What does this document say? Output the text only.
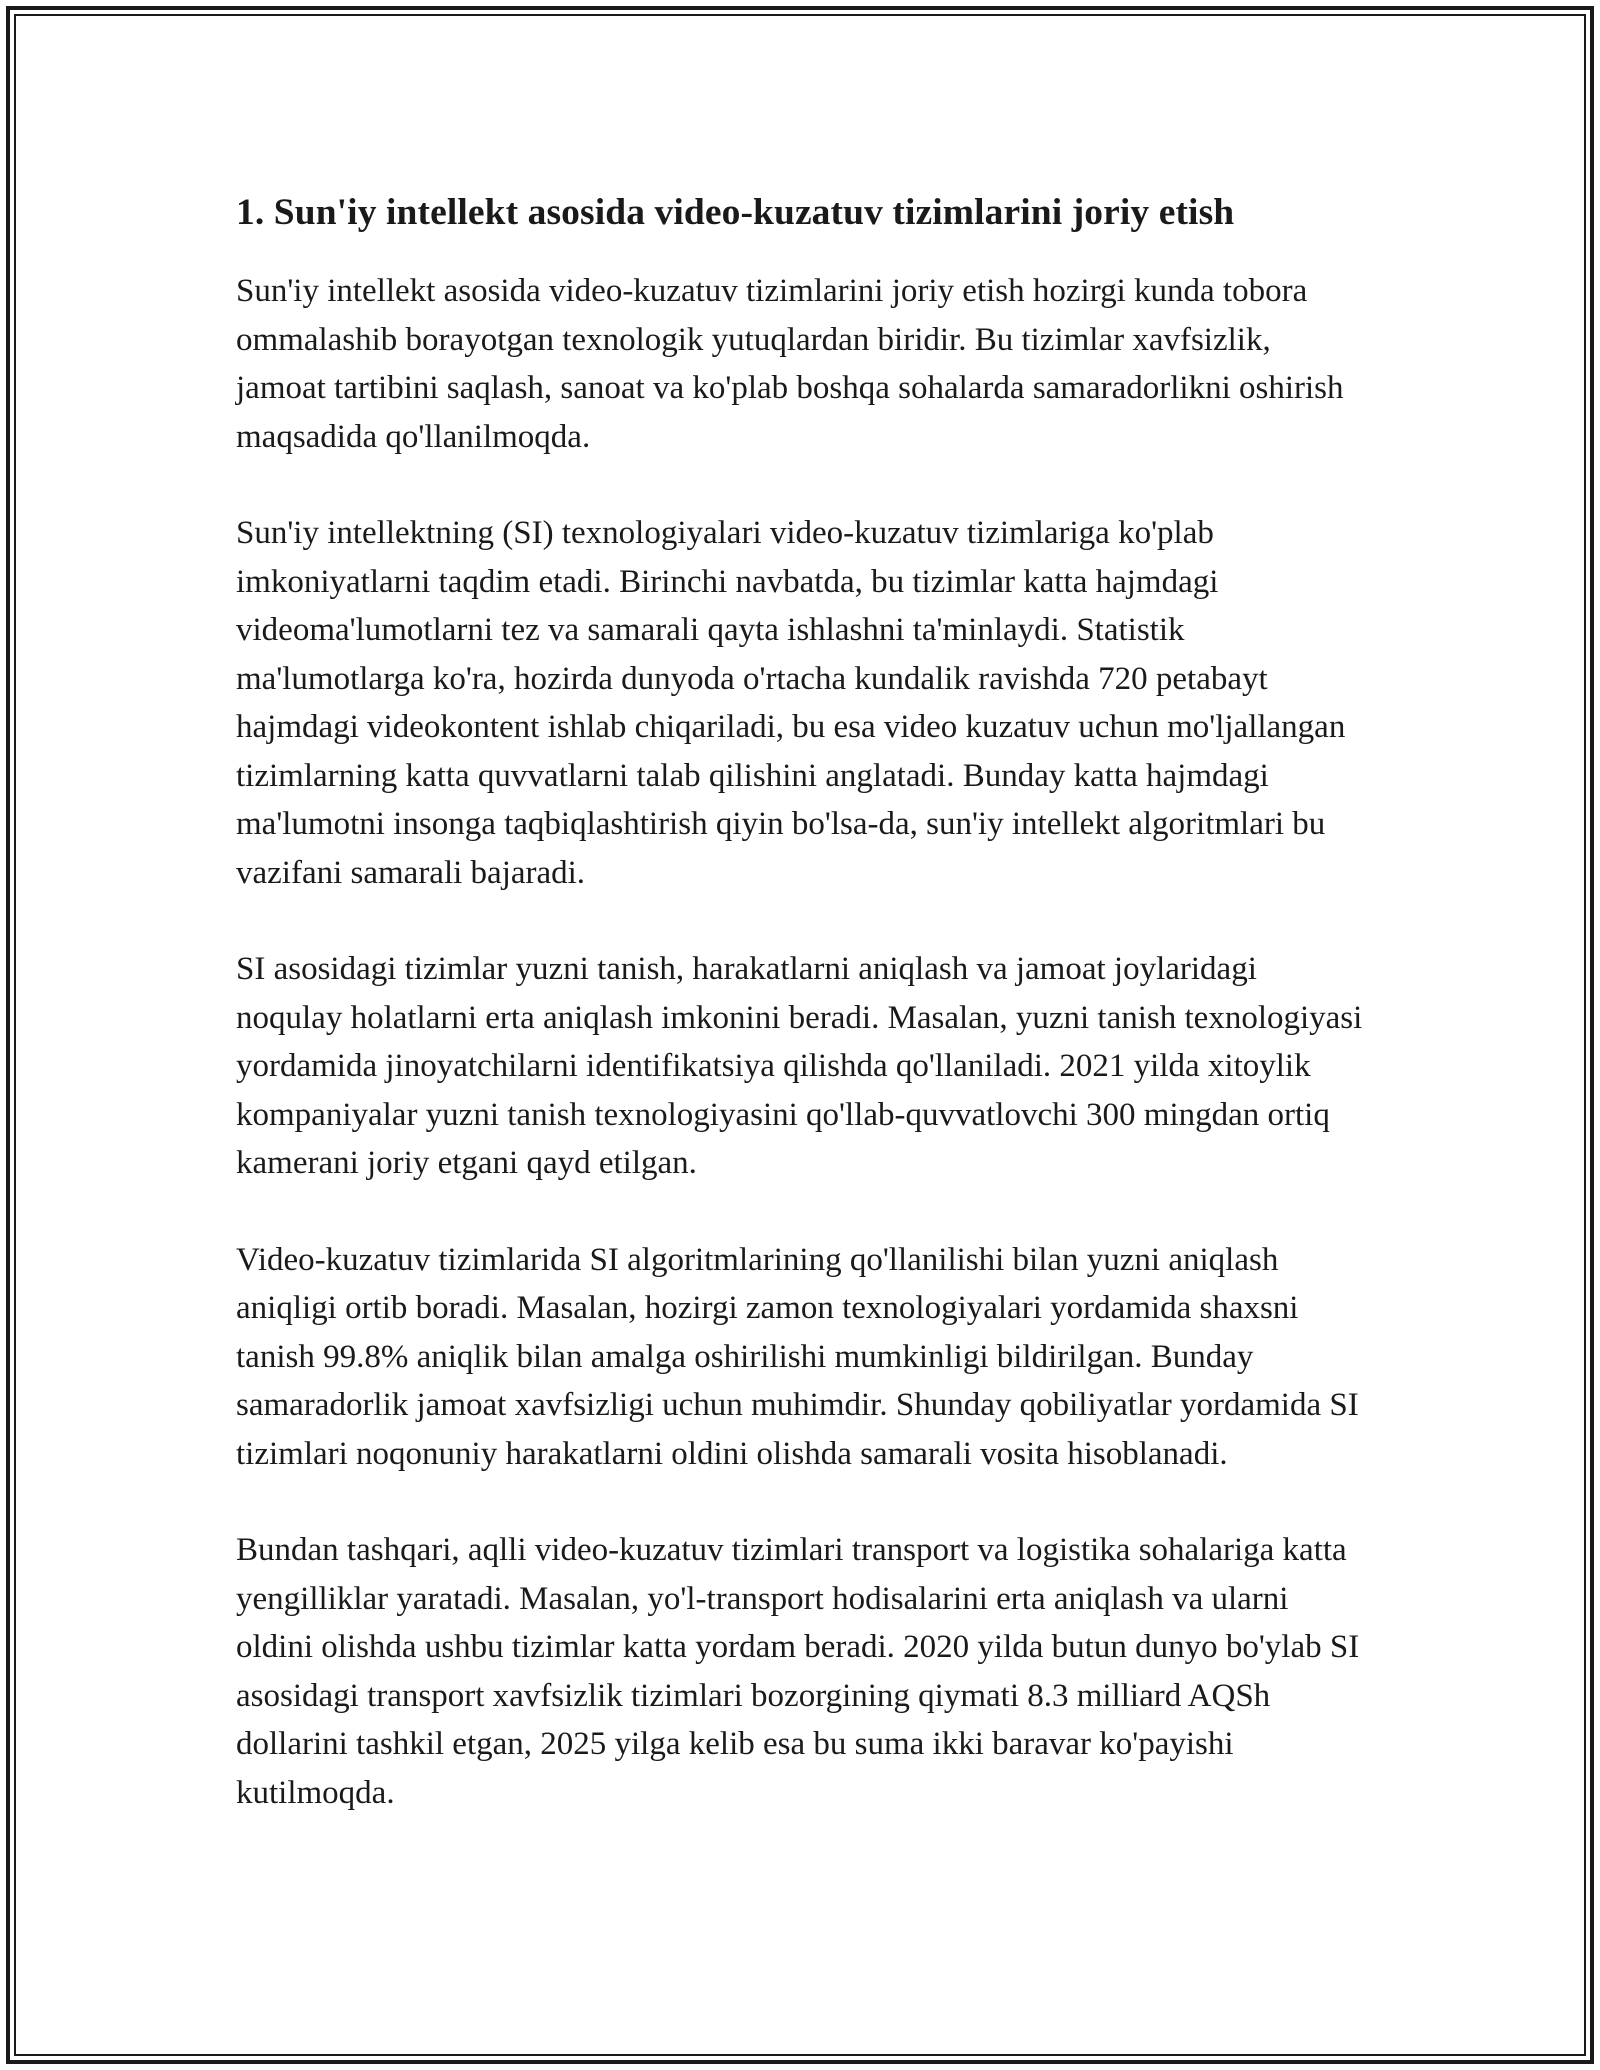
1. Sun'iy intellekt asosida video-kuzatuv tizimlarini joriy etish

Sun'iy intellekt asosida video-kuzatuv tizimlarini joriy etish hozirgi kunda tobora ommalashib borayotgan texnologik yutuqlardan biridir. Bu tizimlar xavfsizlik, jamoat tartibini saqlash, sanoat va ko'plab boshqa sohalarda samaradorlikni oshirish maqsadida qo'llanilmoqda.

Sun'iy intellektning (SI) texnologiyalari video-kuzatuv tizimlariga ko'plab imkoniyatlarni taqdim etadi. Birinchi navbatda, bu tizimlar katta hajmdagi videoma'lumotlarni tez va samarali qayta ishlashni ta'minlaydi. Statistik ma'lumotlarga ko'ra, hozirda dunyoda o'rtacha kundalik ravishda 720 petabayt hajmdagi videokontent ishlab chiqariladi, bu esa video kuzatuv uchun mo'ljallangan tizimlarning katta quvvatlarni talab qilishini anglatadi. Bunday katta hajmdagi ma'lumotni insonga taqbiqlashtirish qiyin bo'lsa-da, sun'iy intellekt algoritmlari bu vazifani samarali bajaradi.

SI asosidagi tizimlar yuzni tanish, harakatlarni aniqlash va jamoat joylaridagi noqulay holatlarni erta aniqlash imkonini beradi. Masalan, yuzni tanish texnologiyasi yordamida jinoyatchilarni identifikatsiya qilishda qo'llaniladi. 2021 yilda xitoylik kompaniyalar yuzni tanish texnologiyasini qo'llab-quvvatlovchi 300 mingdan ortiq kamerani joriy etgani qayd etilgan.

Video-kuzatuv tizimlarida SI algoritmlarining qo'llanilishi bilan yuzni aniqlash aniqligi ortib boradi. Masalan, hozirgi zamon texnologiyalari yordamida shaxsni tanish 99.8% aniqlik bilan amalga oshirilishi mumkinligi bildirilgan. Bunday samaradorlik jamoat xavfsizligi uchun muhimdir. Shunday qobiliyatlar yordamida SI tizimlari noqonuniy harakatlarni oldini olishda samarali vosita hisoblanadi.

Bundan tashqari, aqlli video-kuzatuv tizimlari transport va logistika sohalariga katta yengilliklar yaratadi. Masalan, yo'l-transport hodisalarini erta aniqlash va ularni oldini olishda ushbu tizimlar katta yordam beradi. 2020 yilda butun dunyo bo'ylab SI asosidagi transport xavfsizlik tizimlari bozorgining qiymati 8.3 milliard AQSh dollarini tashkil etgan, 2025 yilga kelib esa bu suma ikki baravar ko'payishi kutilmoqda.
